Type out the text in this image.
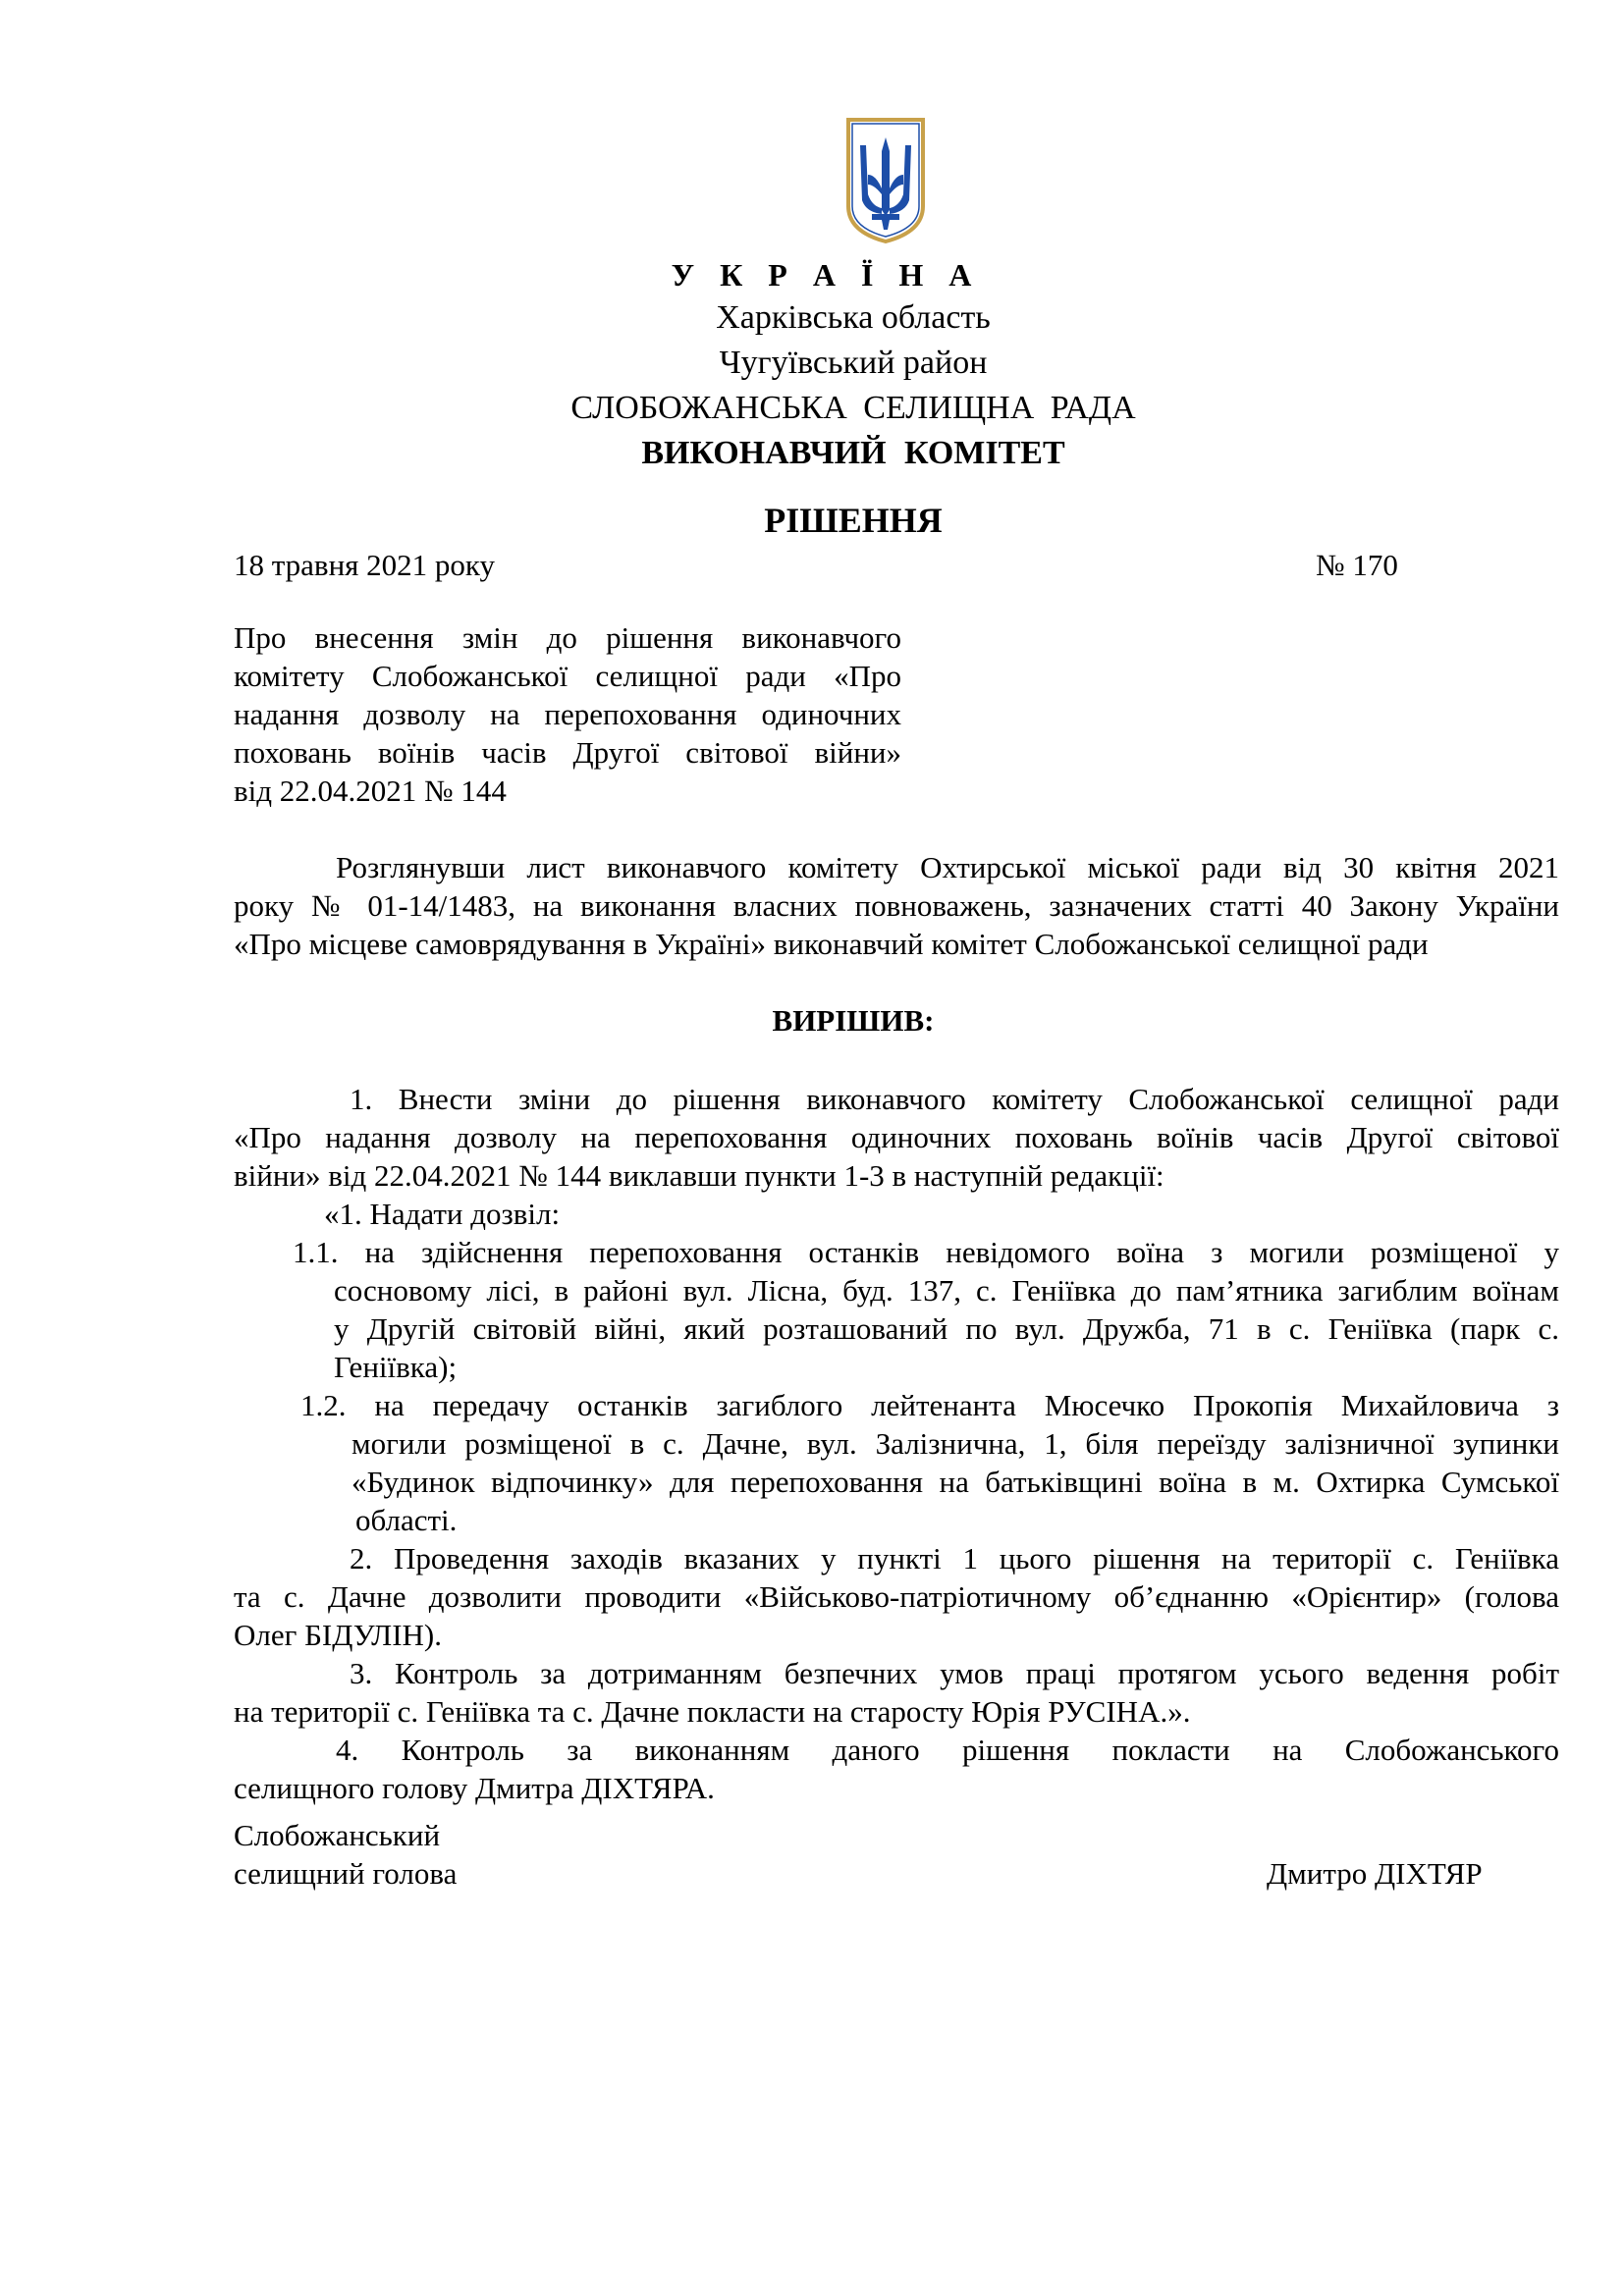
У К Р А Ї Н А
Харківська область
Чугуївський район
СЛОБОЖАНСЬКА СЕЛИЩНА РАДА
ВИКОНАВЧИЙ КОМІТЕТ
РІШЕННЯ
18 травня 2021 року	№ 170
Про внесення змін до рішення виконавчого
комітету Слобожанської селищної ради «Про
надання дозволу на перепоховання одиночних
поховань воїнів часів Другої світової війни»
від 22.04.2021 № 144
Розглянувши лист виконавчого комітету Охтирської міської ради від 30 квітня 2021
року № 01-14/1483, на виконання власних повноважень, зазначених статті 40 Закону України
«Про місцеве самоврядування в Україні» виконавчий комітет Слобожанської селищної ради
ВИРІШИВ:
1. Внести зміни до рішення виконавчого комітету Слобожанської селищної ради
«Про надання дозволу на перепоховання одиночних поховань воїнів часів Другої світової
війни» від 22.04.2021 № 144 виклавши пункти 1-3 в наступній редакції:
«1. Надати дозвіл:
1.1. на здійснення перепоховання останків невідомого воїна з могили розміщеної у
сосновому лісі, в районі вул. Лісна, буд. 137, с. Геніївка до пам’ятника загиблим воїнам
у Другій світовій війні, який розташований по вул. Дружба, 71 в с. Геніївка (парк с.
Геніївка);
1.2. на передачу останків загиблого лейтенанта Мюсечко Прокопія Михайловича з
могили розміщеної в с. Дачне, вул. Залізнична, 1, біля переїзду залізничної зупинки
«Будинок відпочинку» для перепоховання на батьківщині воїна в м. Охтирка Сумської
області.
2. Проведення заходів вказаних у пункті 1 цього рішення на території с. Геніївка
та с. Дачне дозволити проводити «Військово-патріотичному об’єднанню «Орієнтир» (голова
Олег БІДУЛІН).
3. Контроль за дотриманням безпечних умов праці протягом усього ведення робіт
на території с. Геніївка та с. Дачне покласти на старосту Юрія РУСІНА.».
4. Контроль за виконанням даного рішення покласти на Слобожанського
селищного голову Дмитра ДІХТЯРА.
Слобожанський
селищний голова	Дмитро ДІХТЯР
